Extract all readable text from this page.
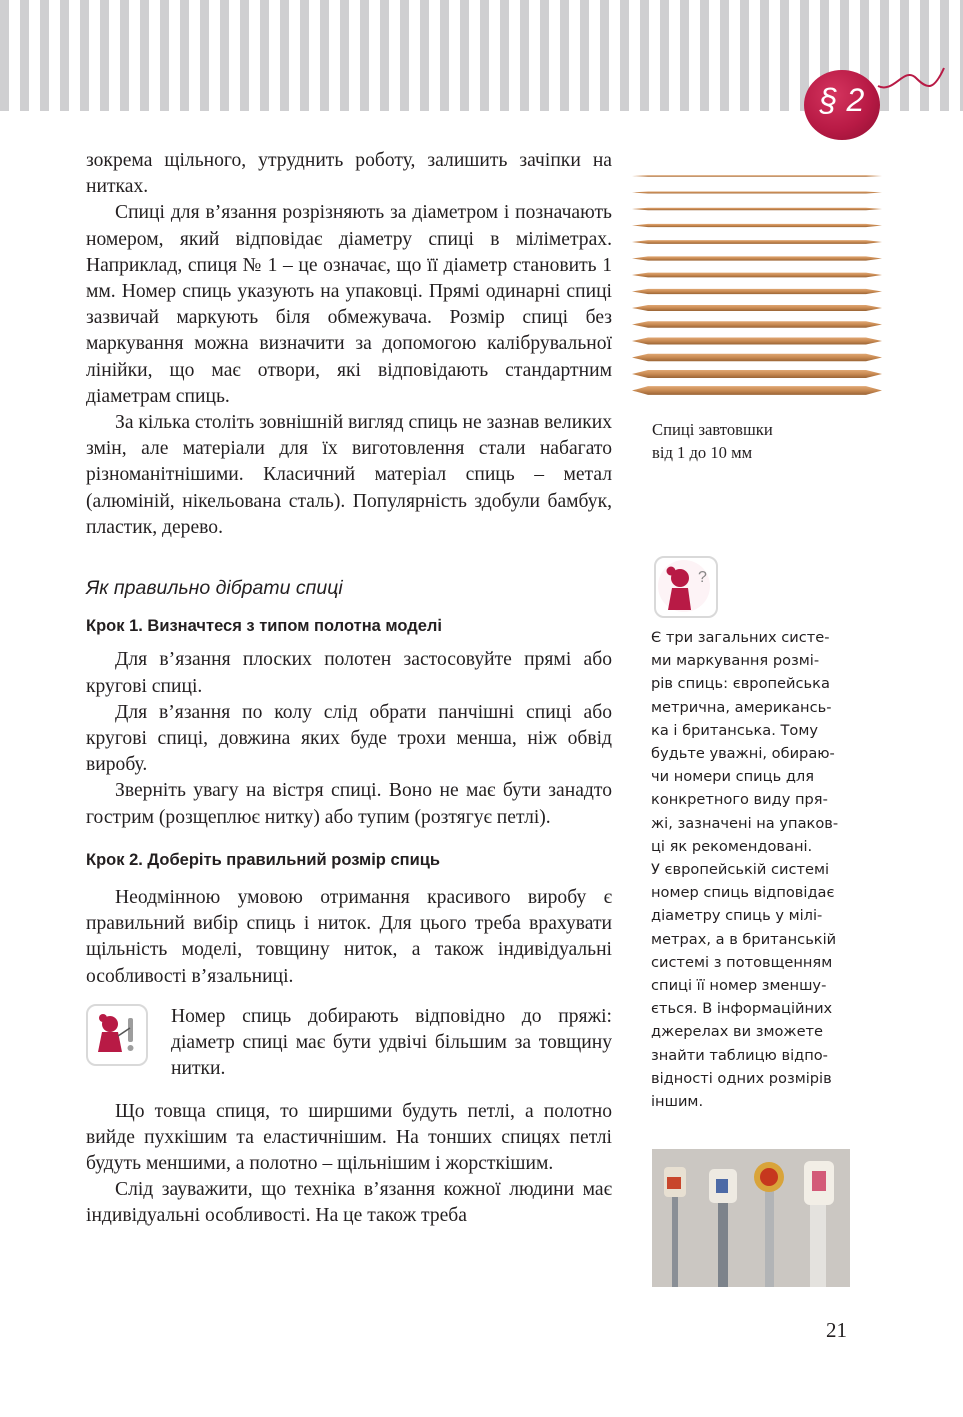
§ 2

зокрема щільного, утруднить роботу, залишить зачіпки на нитках.

Спиці для в’язання розрізняють за діаметром і позначають номером, який відповідає діаметру спиці в міліметрах. Наприклад, спиця № 1 – це означає, що її діаметр становить 1 мм. Номер спиць указують на упаковці. Прямі одинарні спиці зазвичай маркують біля обмежувача. Розмір спиці без маркування можна визначити за допомогою калібрувальної лінійки, що має отвори, які відповідають стандартним діаметрам спиць.

За кілька століть зовнішній вигляд спиць не зазнав великих змін, але матеріали для їх виготовлення стали набагато різноманітнішими. Класичний матеріал спиць – метал (алюміній, нікельована сталь). Популярність здобули бамбук, пластик, дерево.

Як правильно дібрати спиці
Крок 1. Визначтеся з типом полотна моделі

Для в’язання плоских полотен застосовуйте прямі або кругові спиці.

Для в’язання по колу слід обрати панчішні спиці або кругові спиці, довжина яких буде трохи менша, ніж обвід виробу.

Зверніть увагу на вістря спиці. Воно не має бути занадто гострим (розщеплює нитку) або тупим (розтягує петлі).

Крок 2. Доберіть правильний розмір спиць

Неодмінною умовою отримання красивого виробу є правильний вибір спиць і ниток. Для цього треба врахувати щільність моделі, товщину ниток, а також індивідуальні особливості в’язальниці.

Номер спиць добирають відповідно до пряжі: діаметр спиці має бути удвічі більшим за товщину нитки.

Що товща спиця, то ширшими будуть петлі, а полотно вийде пухкішим та еластичнішим. На тонших спицях петлі будуть меншими, а полотно – щільнішим і жорсткішим.

Слід зауважити, що техніка в’язання кожної людини має індивідуальні особливості. На це також треба

Спиці завтовшки
від 1 до 10 мм
?
Є три загальних систе-
ми маркування розмі-
рів спиць: європейська
метрична, американсь-
ка і британська. Тому
будьте уважні, обираю-
чи номери спиць для
конкретного виду пря-
жі, зазначені на упаков-
ці як рекомендовані.
У європейській системі
номер спиць відповідає
діаметру спиць у мілі-
метрах, а в британській
системі з потовщенням
спиці її номер зменшу-
ється. В інформаційних
джерелах ви зможете
знайти таблицю відпо-
відності одних розмірів
іншим.
21
